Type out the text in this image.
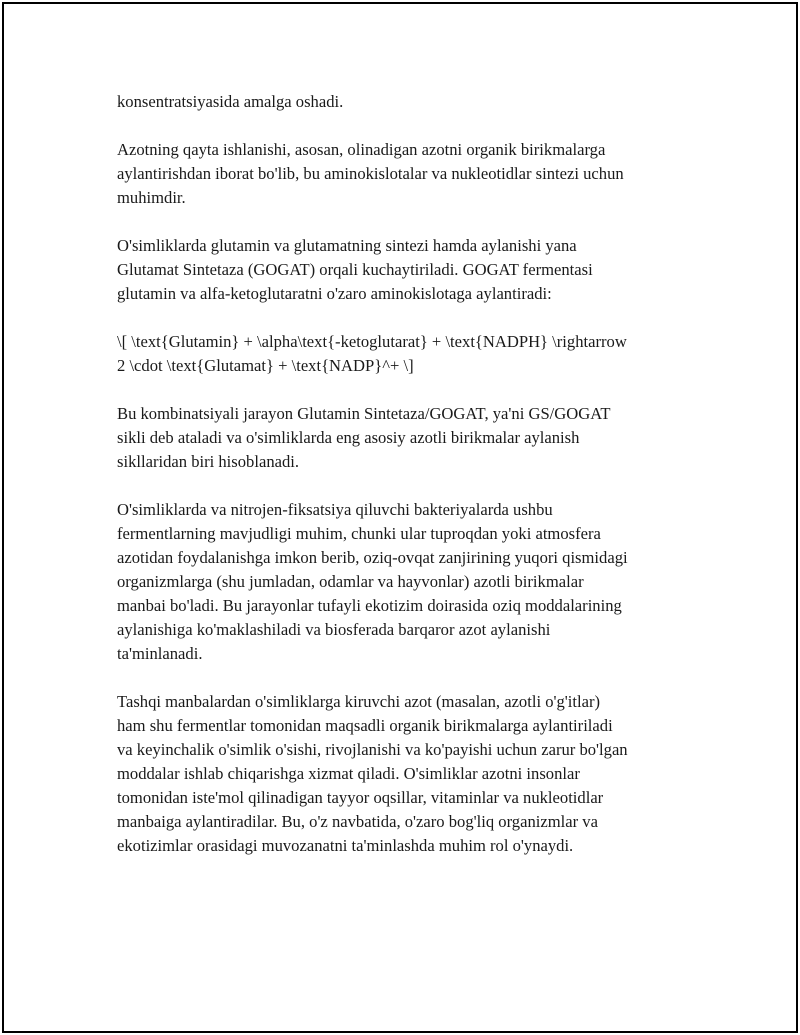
konsentratsiyasida amalga oshadi.

Azotning qayta ishlanishi, asosan, olinadigan azotni organik birikmalarga
aylantirishdan iborat bo'lib, bu aminokislotalar va nukleotidlar sintezi uchun
muhimdir.

O'simliklarda glutamin va glutamatning sintezi hamda aylanishi yana
Glutamat Sintetaza (GOGAT) orqali kuchaytiriladi. GOGAT fermentasi
glutamin va alfa-ketoglutaratni o'zaro aminokislotaga aylantiradi:

\[ \text{Glutamin} + \alpha\text{-ketoglutarat} + \text{NADPH} \rightarrow
2 \cdot \text{Glutamat} + \text{NADP}^+ \]

Bu kombinatsiyali jarayon Glutamin Sintetaza/GOGAT, ya'ni GS/GOGAT
sikli deb ataladi va o'simliklarda eng asosiy azotli birikmalar aylanish
sikllaridan biri hisoblanadi.

O'simliklarda va nitrojen-fiksatsiya qiluvchi bakteriyalarda ushbu
fermentlarning mavjudligi muhim, chunki ular tuproqdan yoki atmosfera
azotidan foydalanishga imkon berib, oziq-ovqat zanjirining yuqori qismidagi
organizmlarga (shu jumladan, odamlar va hayvonlar) azotli birikmalar
manbai bo'ladi. Bu jarayonlar tufayli ekotizim doirasida oziq moddalarining
aylanishiga ko'maklashiladi va biosferada barqaror azot aylanishi
ta'minlanadi.

Tashqi manbalardan o'simliklarga kiruvchi azot (masalan, azotli o'g'itlar)
ham shu fermentlar tomonidan maqsadli organik birikmalarga aylantiriladi
va keyinchalik o'simlik o'sishi, rivojlanishi va ko'payishi uchun zarur bo'lgan
moddalar ishlab chiqarishga xizmat qiladi. O'simliklar azotni insonlar
tomonidan iste'mol qilinadigan tayyor oqsillar, vitaminlar va nukleotidlar
manbaiga aylantiradilar. Bu, o'z navbatida, o'zaro bog'liq organizmlar va
ekotizimlar orasidagi muvozanatni ta'minlashda muhim rol o'ynaydi.
